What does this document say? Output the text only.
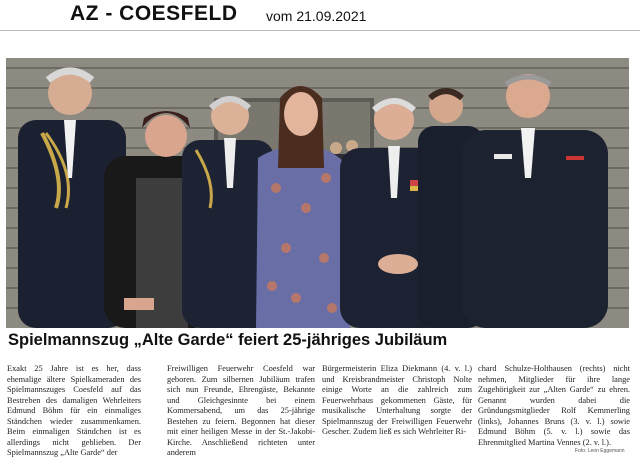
AZ - COESFELD vom 21.09.2021
Spielmannszug „Alte Garde“ feiert 25-jähriges Jubiläum

Exakt 25 Jahre ist es her, dass ehemalige ältere Spielkameraden des Spielmannszuges Coesfeld auf das Bestreben des damaligen Wehrleiters Edmund Böhm für ein einmaliges Ständchen wieder zusammenkamen. Beim einmaligen Ständchen ist es allerdings nicht geblieben. Der Spielmannszug „Alte Garde“ der

Freiwilligen Feuerwehr Coesfeld war geboren. Zum silbernen Jubiläum trafen sich nun Freunde, Ehrengäste, Bekannte und Gleichgesinnte bei einem Kommersabend, um das 25-jährige Bestehen zu feiern. Begonnen hat dieser mit einer heiligen Messe in der St.-Jakobi-Kirche. Anschließend richteten unter anderem

Bürgermeisterin Eliza Diekmann (4. v. l.) und Kreisbrandmeister Christoph Nolte einige Worte an die zahlreich zum Feuerwehrhaus gekommenen Gäste, für musikalische Unterhaltung sorgte der Spielmannszug der Freiwilligen Feuerwehr Gescher. Zudem ließ es sich Wehrleiter Ri-

chard Schulze-Holthausen (rechts) nicht nehmen, Mitglieder für ihre lange Zugehörigkeit zur „Alten Garde“ zu ehren. Genannt wurden dabei die Gründungsmitglieder Rolf Kemmerling (links), Johannes Bruns (3. v. l.) sowie Edmund Böhm (5. v. l.) sowie das Ehrenmitglied Martina Vennes (2. v. l.).

Foto: Leon Eggemann
